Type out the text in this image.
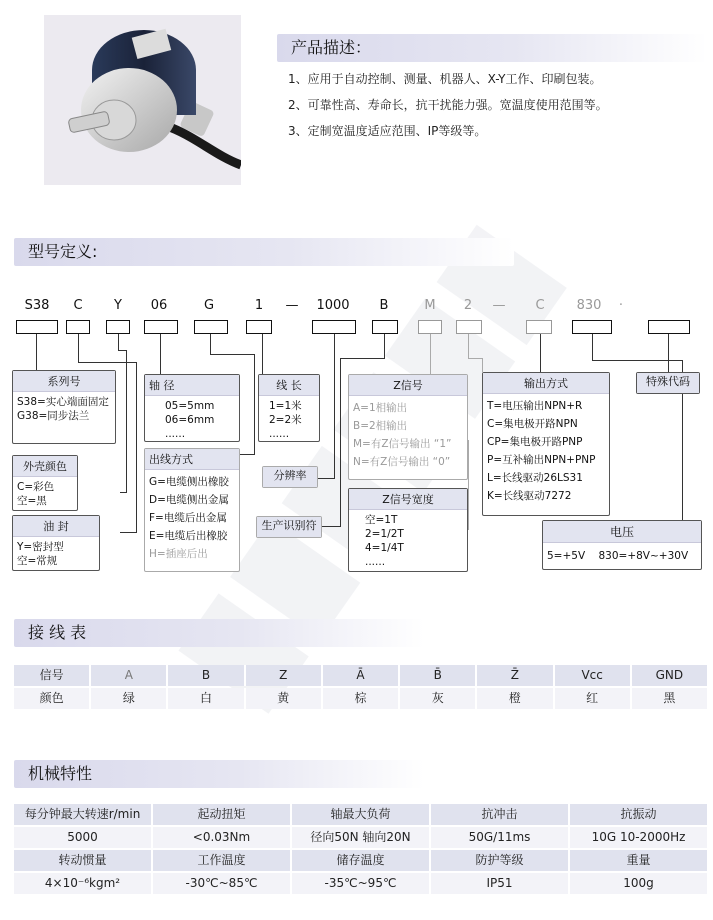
产品描述：
1、应用于自动控制、测量、机器人、X-Y工作、印刷包装。
2、可靠性高、寿命长，抗干扰能力强。宽温度使用范围等。
3、定制宽温度适应范围、IP等级等。
型号定义:
S38	C	Y	06	G	1	—	1000	B	M	2	—	C	830	·
系列号
S38=实心端面固定
G38=同步法兰
外壳颜色
C=彩色
空=黑
油 封
Y=密封型
空=常规
轴 径
05=5mm
06=6mm
......
出线方式
G=电缆侧出橡胶
D=电缆侧出金属
F=电缆后出金属
E=电缆后出橡胶
H=插座后出
线 长
1=1米
2=2米
......
分辨率
生产识别符
Z信号
A=1相输出
B=2相输出
M=有Z信号输出 “1”
N=有Z信号输出 “0”
Z信号宽度
空=1T
2=1/2T
4=1/4T
......
输出方式
T=电压输出NPN+R
C=集电极开路NPN
CP=集电极开路PNP
P=互补输出NPN+PNP
L=长线驱动26LS31
K=长线驱动7272
特殊代码
电压
5=+5V    830=+8V~+30V
接 线 表
信号	A	B	Z	Ā	B̄	Z̄	Vcc	GND
颜色	绿	白	黄	棕	灰	橙	红	黑
机械特性
每分钟最大转速r/min	起动扭矩	轴最大负荷	抗冲击	抗振动
5000	<0.03Nm	径向50N 轴向20N	50G/11ms	10G 10-2000Hz
转动惯量	工作温度	储存温度	防护等级	重量
4×10⁻⁶kgm²	-30℃~85℃	-35℃~95℃	IP51	100g
